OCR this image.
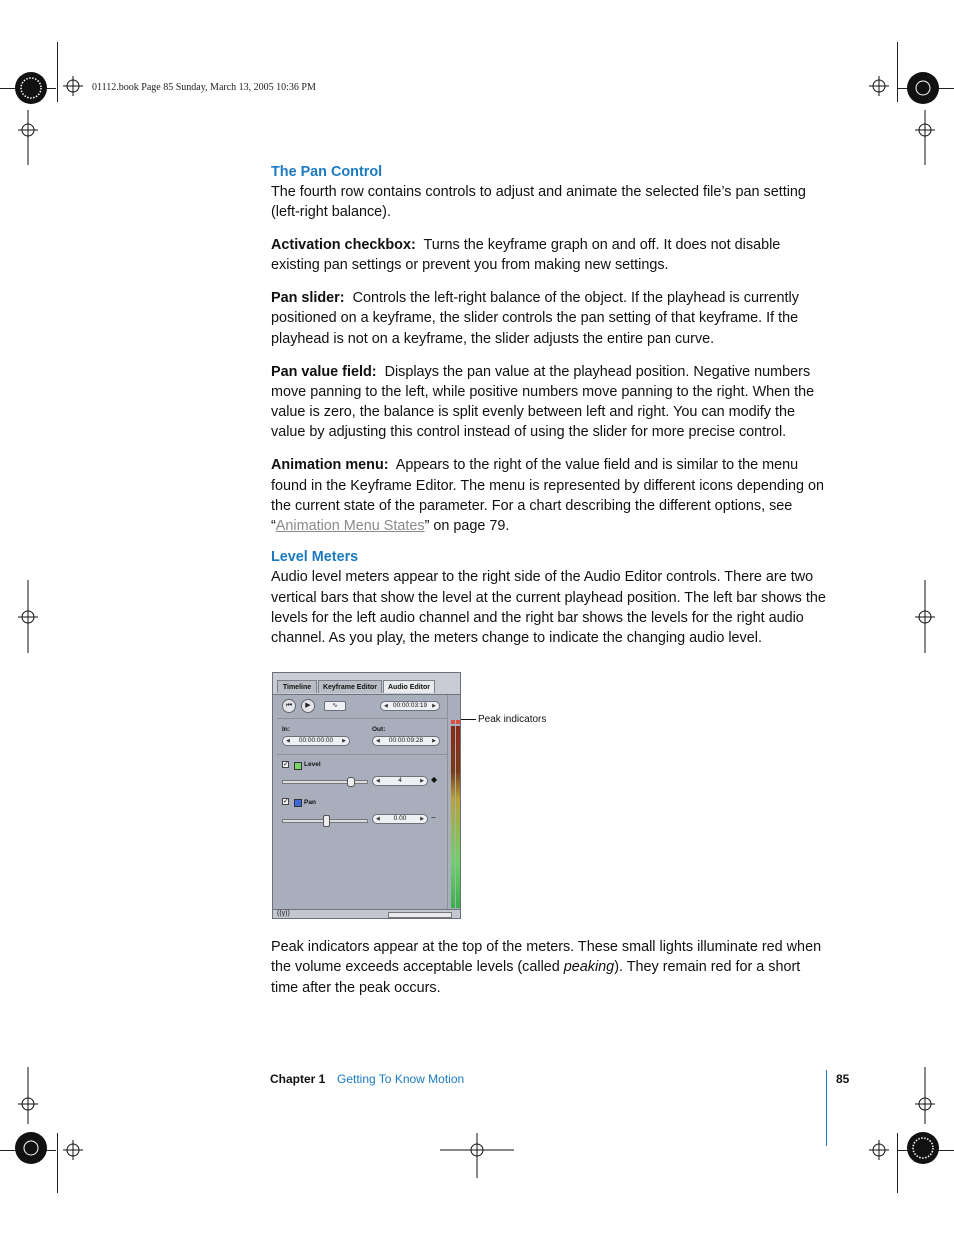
01112.book Page 85 Sunday, March 13, 2005 10:36 PM
The Pan Control

The fourth row contains controls to adjust and animate the selected file’s pan setting (left-right balance).

Activation checkbox: Turns the keyframe graph on and off. It does not disable existing pan settings or prevent you from making new settings.

Pan slider: Controls the left-right balance of the object. If the playhead is currently positioned on a keyframe, the slider controls the pan setting of that keyframe. If the playhead is not on a keyframe, the slider adjusts the entire pan curve.

Pan value field: Displays the pan value at the playhead position. Negative numbers move panning to the left, while positive numbers move panning to the right. When the value is zero, the balance is split evenly between left and right. You can modify the value by adjusting this control instead of using the slider for more precise control.

Animation menu: Appears to the right of the value field and is similar to the menu found in the Keyframe Editor. The menu is represented by different icons depending on the current state of the parameter. For a chart describing the different options, see “Animation Menu States” on page 79.

Level Meters

Audio level meters appear to the right side of the Audio Editor controls. There are two vertical bars that show the level at the current playhead position. The left bar shows the levels for the left audio channel and the right bar shows the levels for the right audio channel. As you play, the meters change to indicate the changing audio level.

Timeline	Keyframe Editor	Audio Editor
⏮	▶	∿	◀ 00:00:03:19 ▶
In:	Out:
◀ 00:00:00:00 ▶	◀ 00:00:09:28 ▶
✓ Level
◀	4	▶ ◆
✓ Pan
◀ 0.00	▶ −
((γ))
Peak indicators

Peak indicators appear at the top of the meters. These small lights illuminate red when the volume exceeds acceptable levels (called peaking). They remain red for a short time after the peak occurs.

Chapter 1 Getting To Know Motion	85
